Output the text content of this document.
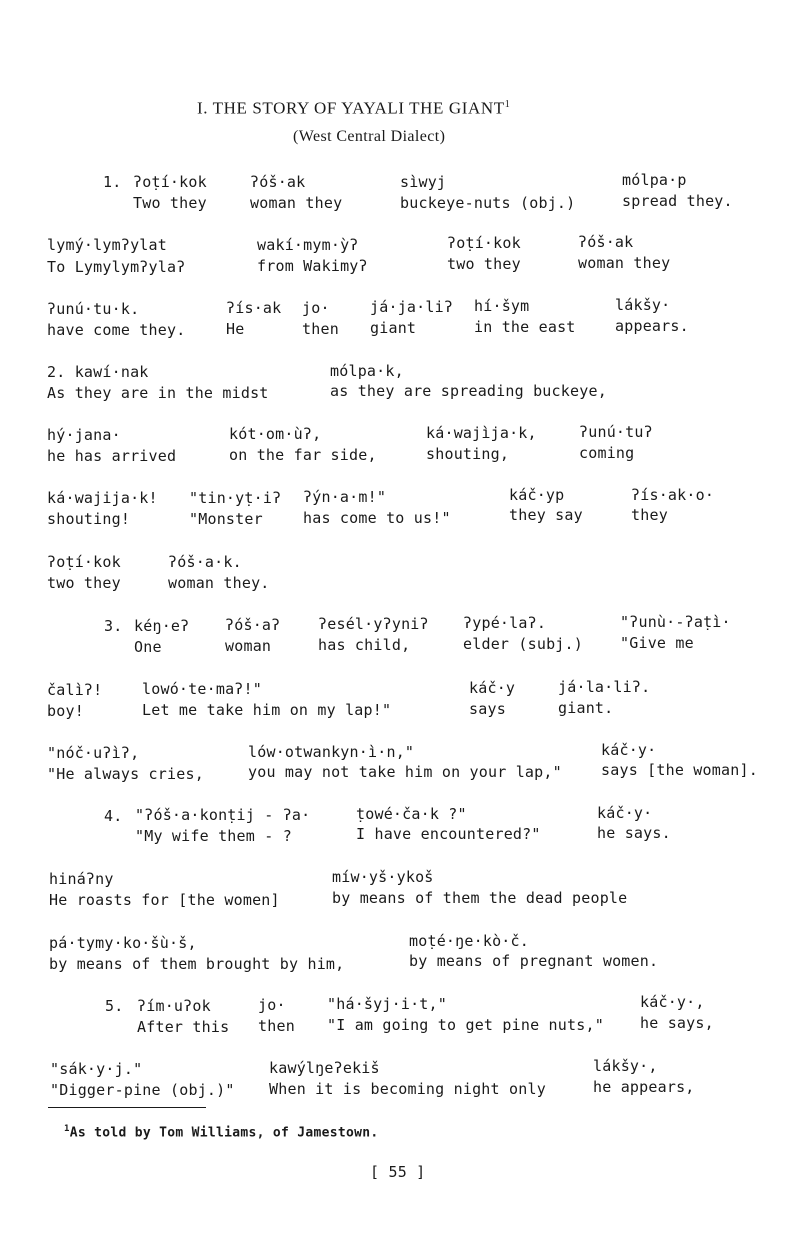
I. THE STORY OF YAYALI THE GIANT$^1$
(West Central Dialect)
1. ʔoṭí·kok
Two they
ʔóš·ak
woman they
sìwyj
buckeye-nuts (obj.)
mólpa·p
spread they.
lymý·lymʔylat
To Lymylymʔylaʔ
wakí·mym·ỳʔ
from Wakimyʔ
ʔoṭí·kok
two they
ʔóš·ak
woman they
ʔunú·tu·k.
have come they.
ʔís·ak
He
jo·
then
já·ja·liʔ
giant
hí·šym
in the east
lákšy·
appears.
2. kawí·nak
As they are in the midst
mólpa·k,
as they are spreading buckeye,
hý·jana·
he has arrived
kót·om·ùʔ,
on the far side,
ká·wajìja·k,
shouting,
ʔunú·tuʔ
coming
ká·wajija·k!
shouting!
"tin·yṭ·iʔ
"Monster
ʔýn·a·m!"
has come to us!"
káč·yp
they say
ʔís·ak·o·
they
ʔoṭí·kok
two they
ʔóš·a·k.
woman they.
3. kéŋ·eʔ
One
ʔóš·aʔ
woman
ʔesél·yʔyniʔ
has child,
ʔypé·laʔ.
elder (subj.)
"ʔunù·-ʔaṭì·
"Give me
čalìʔ!
boy!
lowó·te·maʔ!"
Let me take him on my lap!"
káč·y
says
já·la·liʔ.
giant.
"nóč·uʔìʔ,
"He always cries,
lów·otwankyn·ì·n,"
you may not take him on your lap,"
káč·y·
says [the woman].
4. "ʔóš·a·konṭij - ʔa·
"My wife them - ?
ṭowé·ča·k ?"
I have encountered?"
káč·y·
he says.
hináʔny
He roasts for [the women]
míw·yš·ykoš
by means of them the dead people
pá·tymy·ko·šù·š,
by means of them brought by him,
moṭé·ŋe·kò·č.
by means of pregnant women.
5. ʔím·uʔok
After this
jo·
then
"há·šyj·i·t,"
"I am going to get pine nuts,"
káč·y·,
he says,
"sák·y·j."
"Digger-pine (obj.)"
kawýlŋeʔekiš
When it is becoming night only
lákšy·,
he appears,
$^1$As told by Tom Williams, of Jamestown.
[ 55 ]
